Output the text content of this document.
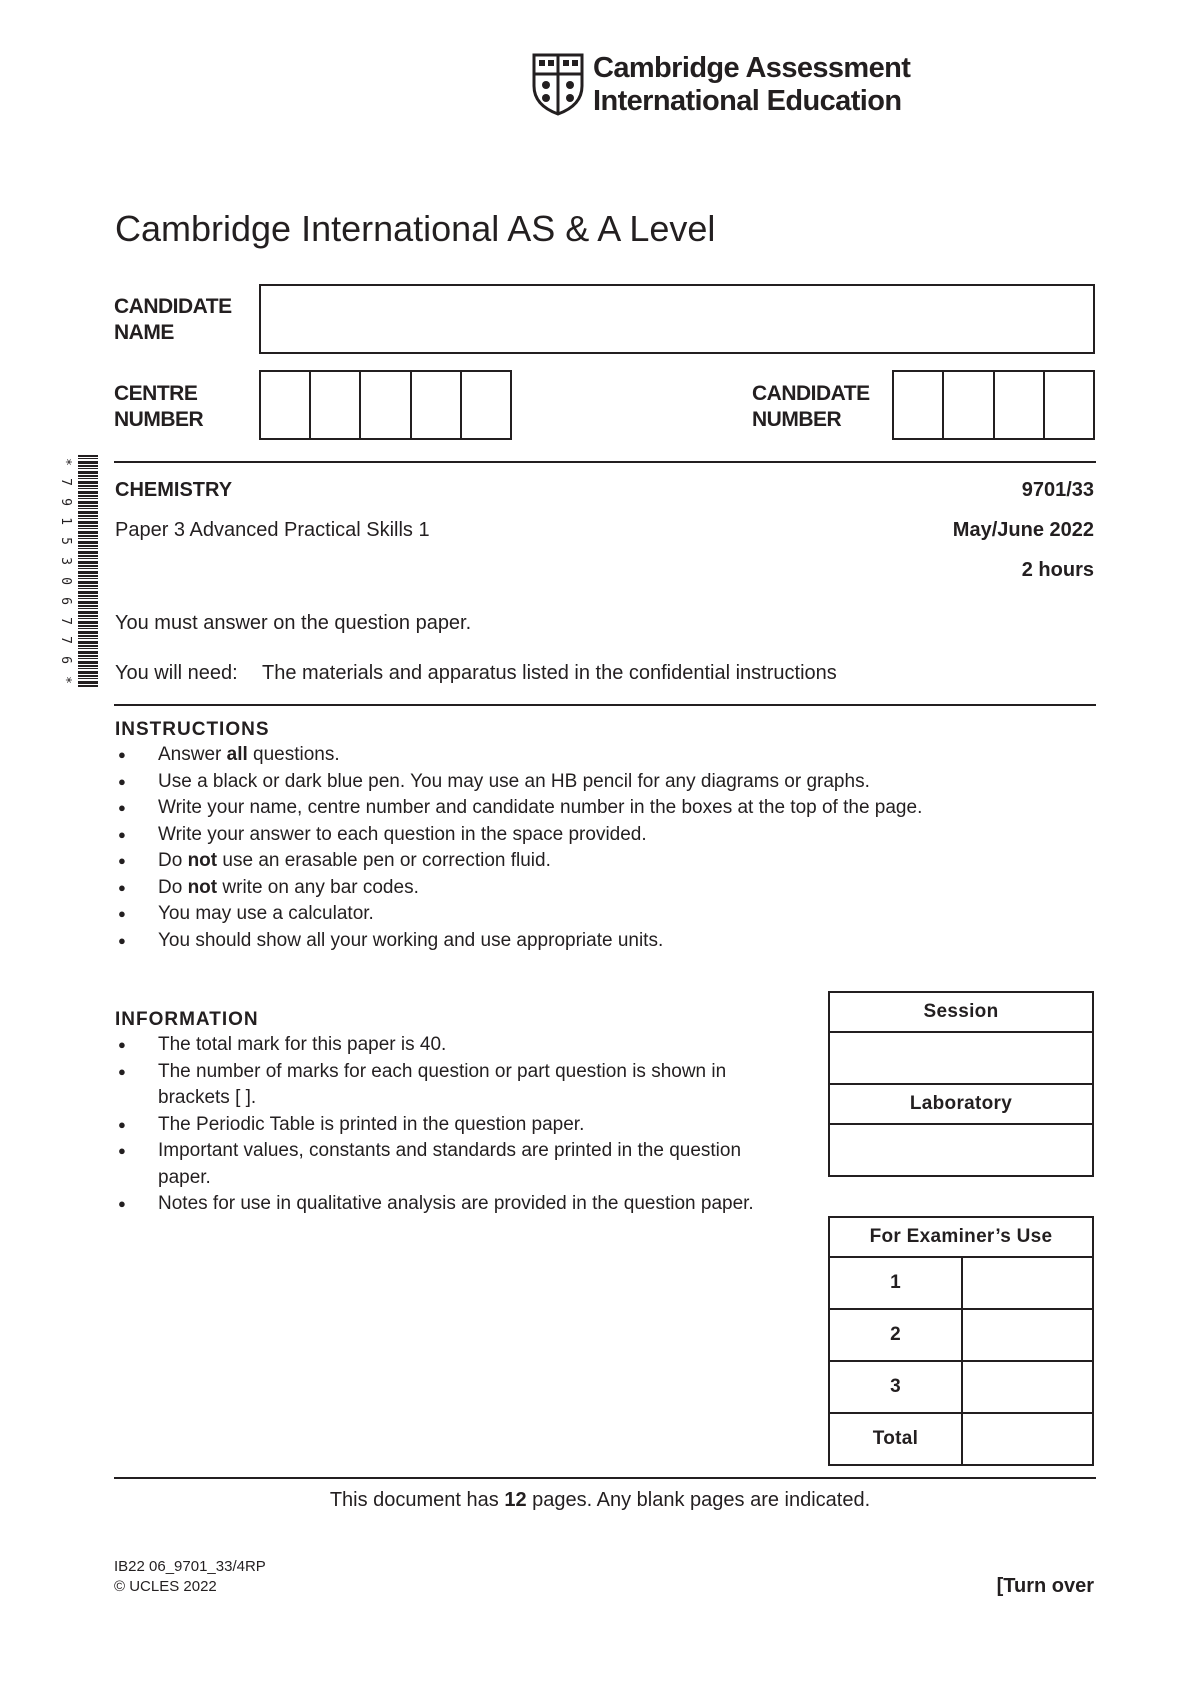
Cambridge Assessment
International Education
Cambridge International AS & A Level
CANDIDATE
NAME
CENTRE
NUMBER
CANDIDATE
NUMBER
*
7
9
1
5
3
0
6
7
7
6
*
CHEMISTRY	9701/33
Paper 3 Advanced Practical Skills 1	May/June 2022
2 hours
You must answer on the question paper.
You will need: The materials and apparatus listed in the confidential instructions
INSTRUCTIONS
● Answer all questions.
● Use a black or dark blue pen. You may use an HB pencil for any diagrams or graphs.
● Write your name, centre number and candidate number in the boxes at the top of the page.
● Write your answer to each question in the space provided.
● Do not use an erasable pen or correction fluid.
● Do not write on any bar codes.
● You may use a calculator.
● You should show all your working and use appropriate units.
INFORMATION
● The total mark for this paper is 40.
● The number of marks for each question or part question is shown in brackets [ ].
● The Periodic Table is printed in the question paper.
● Important values, constants and standards are printed in the question paper.
● Notes for use in qualitative analysis are provided in the question paper.
Session

Laboratory

For Examiner’s Use	
1	
2	
3	
Total	
This document has 12 pages. Any blank pages are indicated.
IB22 06_9701_33/4RP
© UCLES 2022	[Turn over
